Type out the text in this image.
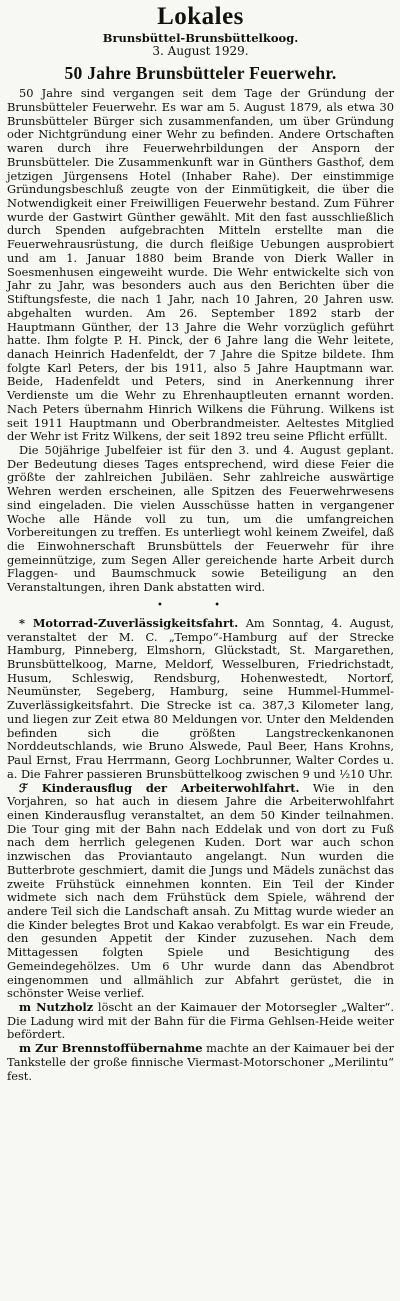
Lokales
Brunsbüttel-Brunsbüttelkoog.
3. August 1929.
50 Jahre Brunsbütteler Feuerwehr.

50 Jahre sind vergangen seit dem Tage der Gründung der Brunsbütteler Feuerwehr. Es war am 5. August 1879, als etwa 30 Brunsbütteler Bürger sich zusammenfanden, um über Gründung oder Nichtgründung einer Wehr zu befinden. Andere Ortschaften waren durch ihre Feuerwehrbildungen der Ansporn der Brunsbütteler. Die Zusammenkunft war in Günthers Gasthof, dem jetzigen Jürgensens Hotel (Inhaber Rahe). Der einstimmige Gründungsbeschluß zeugte von der Einmütigkeit, die über die Notwendigkeit einer Freiwilligen Feuerwehr bestand. Zum Führer wurde der Gastwirt Günther gewählt. Mit den fast ausschließlich durch Spenden aufgebrachten Mitteln erstellte man die Feuerwehrausrüstung, die durch fleißige Uebungen ausprobiert und am 1. Januar 1880 beim Brande von Dierk Waller in Soesmenhusen eingeweiht wurde. Die Wehr entwickelte sich von Jahr zu Jahr, was besonders auch aus den Berichten über die Stiftungsfeste, die nach 1 Jahr, nach 10 Jahren, 20 Jahren usw. abgehalten wurden. Am 26. September 1892 starb der Hauptmann Günther, der 13 Jahre die Wehr vorzüglich geführt hatte. Ihm folgte P. H. Pinck, der 6 Jahre lang die Wehr leitete, danach Heinrich Hadenfeldt, der 7 Jahre die Spitze bildete. Ihm folgte Karl Peters, der bis 1911, also 5 Jahre Hauptmann war. Beide, Hadenfeldt und Peters, sind in Anerkennung ihrer Verdienste um die Wehr zu Ehrenhauptleuten ernannt worden. Nach Peters übernahm Hinrich Wilkens die Führung. Wilkens ist seit 1911 Hauptmann und Oberbrandmeister. Aeltestes Mitglied der Wehr ist Fritz Wilkens, der seit 1892 treu seine Pflicht erfüllt.

Die 50jährige Jubelfeier ist für den 3. und 4. August geplant. Der Bedeutung dieses Tages entsprechend, wird diese Feier die größte der zahlreichen Jubiläen. Sehr zahlreiche auswärtige Wehren werden erscheinen, alle Spitzen des Feuerwehrwesens sind eingeladen. Die vielen Ausschüsse hatten in vergangener Woche alle Hände voll zu tun, um die umfangreichen Vorbereitungen zu treffen. Es unterliegt wohl keinem Zweifel, daß die Einwohnerschaft Brunsbüttels der Feuerwehr für ihre gemeinnützige, zum Segen Aller gereichende harte Arbeit durch Flaggen- und Baumschmuck sowie Beteiligung an den Veranstaltungen, ihren Dank abstatten wird.

• •

* Motorrad-Zuverlässigkeitsfahrt. Am Sonntag, 4. August, veranstaltet der M. C. „Tempo“-Hamburg auf der Strecke Hamburg, Pinneberg, Elmshorn, Glückstadt, St. Margarethen, Brunsbüttelkoog, Marne, Meldorf, Wesselburen, Friedrichstadt, Husum, Schleswig, Rendsburg, Hohenwestedt, Nortorf, Neumünster, Segeberg, Hamburg, seine Hummel-Hummel-Zuverlässigkeitsfahrt. Die Strecke ist ca. 387,3 Kilometer lang, und liegen zur Zeit etwa 80 Meldungen vor. Unter den Meldenden befinden sich die größten Langstreckenkanonen Norddeutschlands, wie Bruno Alswede, Paul Beer, Hans Krohns, Paul Ernst, Frau Herrmann, Georg Lochbrunner, Walter Cordes u. a. Die Fahrer passieren Brunsbüttelkoog zwischen 9 und ½10 Uhr.

ℱ Kinderausflug der Arbeiterwohlfahrt. Wie in den Vorjahren, so hat auch in diesem Jahre die Arbeiterwohlfahrt einen Kinderausflug veranstaltet, an dem 50 Kinder teilnahmen. Die Tour ging mit der Bahn nach Eddelak und von dort zu Fuß nach dem herrlich gelegenen Kuden. Dort war auch schon inzwischen das Proviantauto angelangt. Nun wurden die Butterbrote geschmiert, damit die Jungs und Mädels zunächst das zweite Frühstück einnehmen konnten. Ein Teil der Kinder widmete sich nach dem Frühstück dem Spiele, während der andere Teil sich die Landschaft ansah. Zu Mittag wurde wieder an die Kinder belegtes Brot und Kakao verabfolgt. Es war ein Freude, den gesunden Appetit der Kinder zuzusehen. Nach dem Mittagessen folgten Spiele und Besichtigung des Gemeindegehölzes. Um 6 Uhr wurde dann das Abendbrot eingenommen und allmählich zur Abfahrt gerüstet, die in schönster Weise verlief.

m Nutzholz löscht an der Kaimauer der Motorsegler „Walter“. Die Ladung wird mit der Bahn für die Firma Gehlsen-Heide weiter befördert.

m Zur Brennstoffübernahme machte an der Kaimauer bei der Tankstelle der große finnische Viermast-Motorschoner „Merilintu“ fest.
